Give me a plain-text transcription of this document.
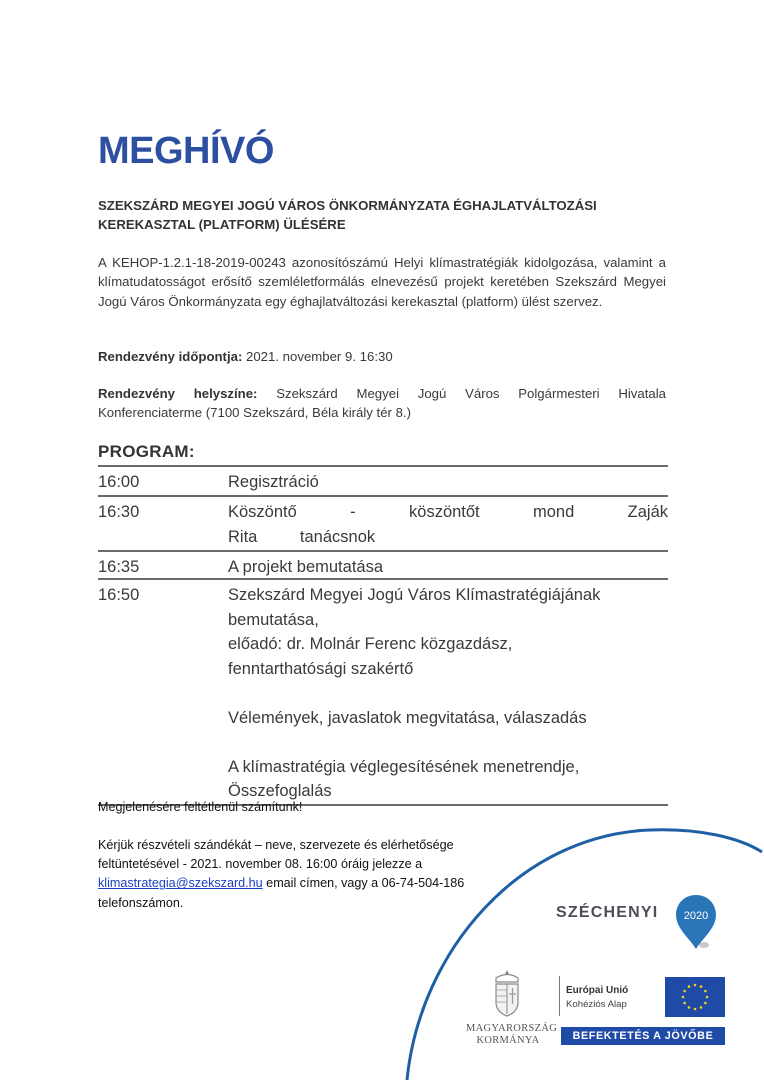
MEGHÍVÓ
SZEKSZÁRD MEGYEI JOGÚ VÁROS ÖNKORMÁNYZATA ÉGHAJLATVÁLTOZÁSI KEREKASZTAL (PLATFORM) ÜLÉSÉRE
A KEHOP-1.2.1-18-2019-00243 azonosítószámú Helyi klímastratégiák kidolgozása, valamint a klímatudatosságot erősítő szemléletformálás elnevezésű projekt keretében Szekszárd Megyei Jogú Város Önkormányzata egy éghajlatváltozási kerekasztal (platform) ülést szervez.
Rendezvény időpontja: 2021. november 9. 16:30
Rendezvény helyszíne: Szekszárd Megyei Jogú Város Polgármesteri Hivatala Konferenciaterme (7100 Szekszárd, Béla király tér 8.)
PROGRAM:
16:00	Regisztráció
16:30	Köszöntő - köszöntőt mond Zaják Rita tanácsnok
16:35	A projekt bemutatása
16:50	Szekszárd Megyei Jogú Város Klímastratégiájának bemutatása,
előadó: dr. Molnár Ferenc közgazdász,
fenntarthatósági szakértő
Vélemények, javaslatok megvitatása, válaszadás
A klímastratégia véglegesítésének menetrendje,
Összefoglalás
Megjelenésére feltétlenül számítunk!
Kérjük részvételi szándékát – neve, szervezete és elérhetősége feltüntetésével - 2021. november 08. 16:00 óráig jelezze a klimastrategia@szekszard.hu email címen, vagy a 06-74-504-186 telefonszámon.
SZÉCHENYI 2020
MAGYARORSZÁG
KORMÁNYA
Európai Unió
Kohéziós Alap
BEFEKTETÉS A JÖVŐBE
